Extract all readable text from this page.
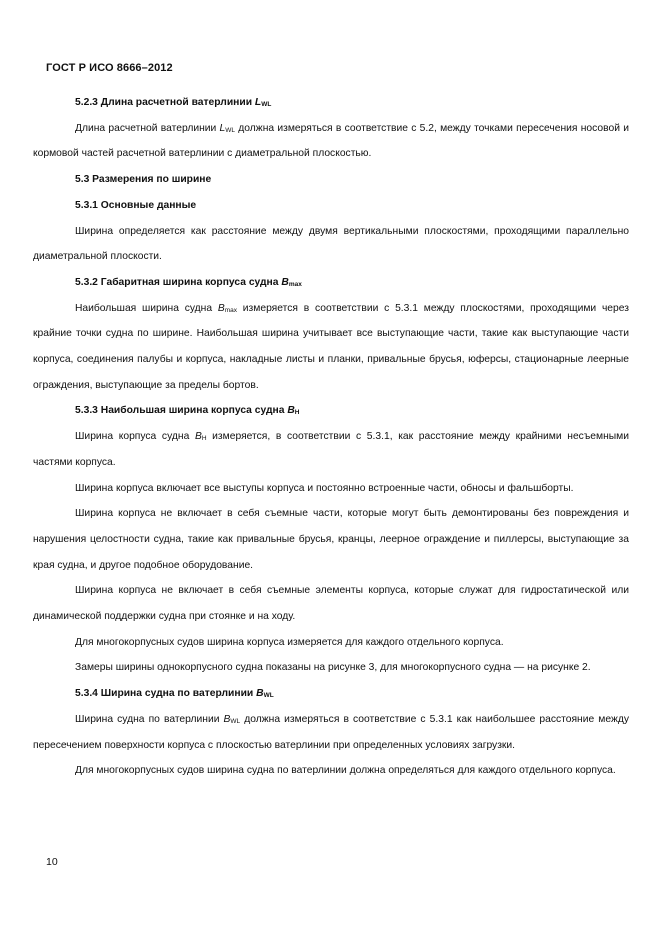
ГОСТ Р ИСО 8666–2012

5.2.3 Длина расчетной ватерлинии $L_{WL}$

Длина расчетной ватерлинии $L_{WL}$ должна измеряться в соответствие с 5.2, между точками пересечения носовой и кормовой частей расчетной ватерлинии с диаметральной плоскостью.

5.3 Размерения по ширине

5.3.1 Основные данные

Ширина определяется как расстояние между двумя вертикальными плоскостями, проходящими параллельно диаметральной плоскости.

5.3.2 Габаритная ширина корпуса судна $B_{max}$

Наибольшая ширина судна $B_{max}$ измеряется в соответствии с 5.3.1 между плоскостями, проходящими через крайние точки судна по ширине. Наибольшая ширина учитывает все выступающие части, такие как выступающие части корпуса, соединения палубы и корпуса, накладные листы и планки, привальные брусья, юферсы, стационарные леерные ограждения, выступающие за пределы бортов.

5.3.3 Наибольшая ширина корпуса судна $B_H$

Ширина корпуса судна $B_H$ измеряется, в соответствии с 5.3.1, как расстояние между крайними несъемными частями корпуса.

Ширина корпуса включает все выступы корпуса и постоянно встроенные части, обносы и фальшборты.

Ширина корпуса не включает в себя съемные части, которые могут быть демонтированы без повреждения и нарушения целостности судна, такие как привальные брусья, кранцы, леерное ограждение и пиллерсы, выступающие за края судна, и другое подобное оборудование.

Ширина корпуса не включает в себя съемные элементы корпуса, которые служат для гидростатической или динамической поддержки судна при стоянке и на ходу.

Для многокорпусных судов ширина корпуса измеряется для каждого отдельного корпуса.

Замеры ширины однокорпусного судна показаны на рисунке 3, для многокорпусного судна — на рисунке 2.

5.3.4 Ширина судна по ватерлинии $B_{WL}$

Ширина судна по ватерлинии $B_{WL}$ должна измеряться в соответствие с 5.3.1 как наибольшее расстояние между пересечением поверхности корпуса с плоскостью ватерлинии при определенных условиях загрузки.

Для многокорпусных судов ширина судна по ватерлинии должна определяться для каждого отдельного корпуса.

10
